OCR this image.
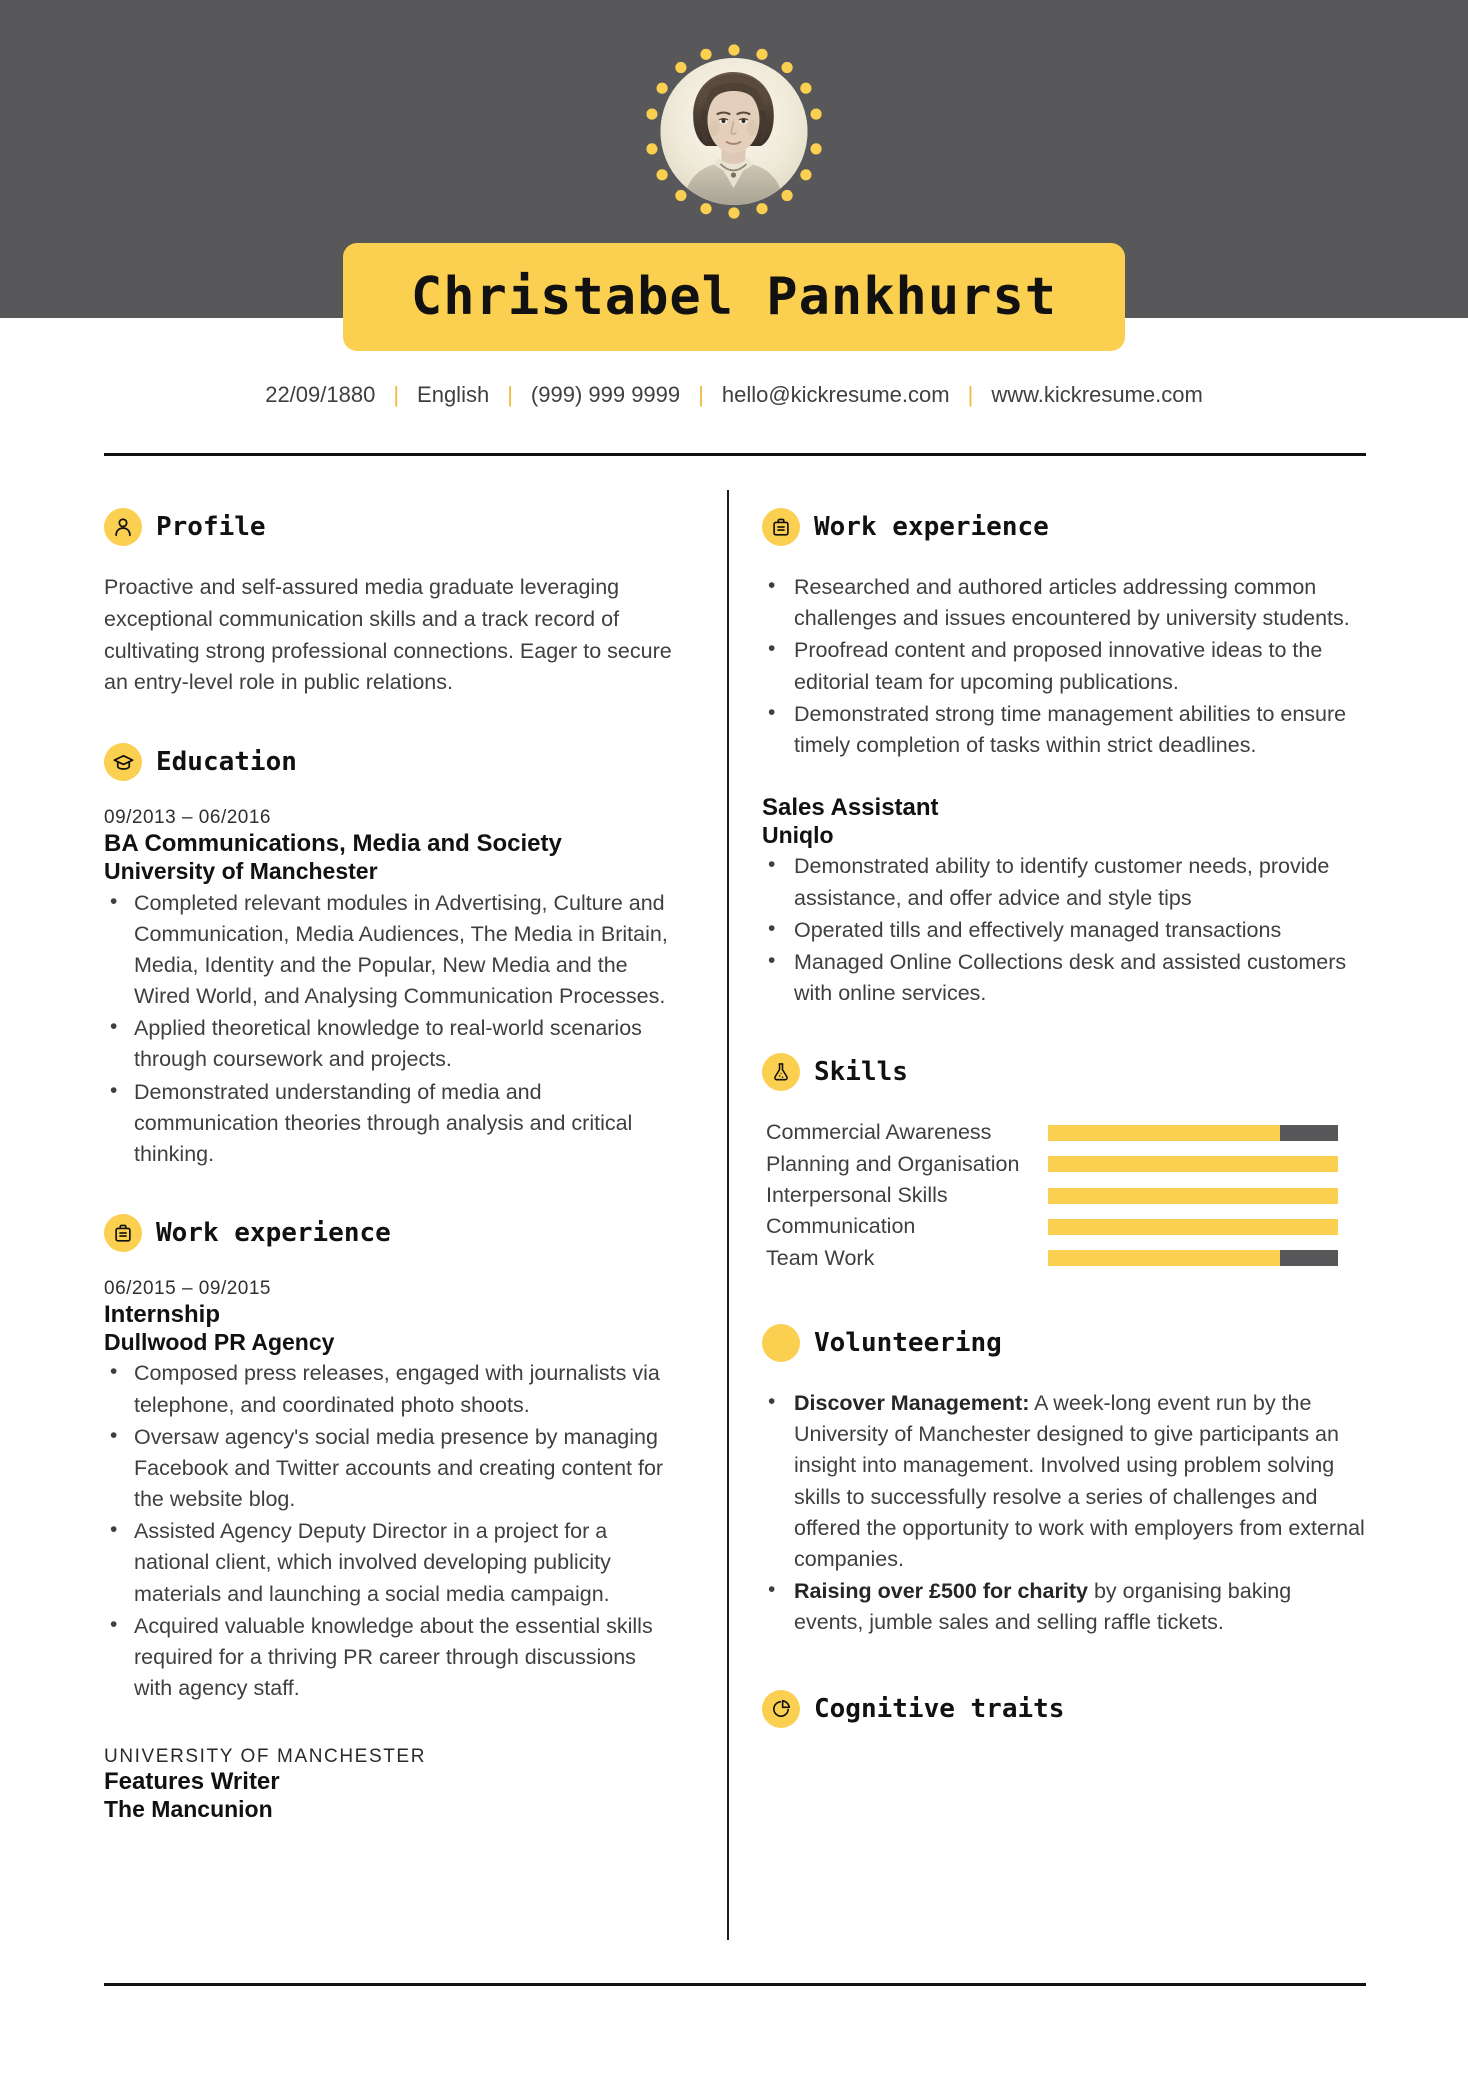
Christabel Pankhurst
22/09/1880 | English | (999) 999 9999 | hello@kickresume.com | www.kickresume.com
Profile
Proactive and self-assured media graduate leveraging exceptional communication skills and a track record of cultivating strong professional connections. Eager to secure an entry-level role in public relations.
Education
09/2013 – 06/2016
BA Communications, Media and Society
University of Manchester
• Completed relevant modules in Advertising, Culture and Communication, Media Audiences, The Media in Britain, Media, Identity and the Popular, New Media and the Wired World, and Analysing Communication Processes.
• Applied theoretical knowledge to real-world scenarios through coursework and projects.
• Demonstrated understanding of media and communication theories through analysis and critical thinking.
Work experience
06/2015 – 09/2015
Internship
Dullwood PR Agency
• Composed press releases, engaged with journalists via telephone, and coordinated photo shoots.
• Oversaw agency's social media presence by managing Facebook and Twitter accounts and creating content for the website blog.
• Assisted Agency Deputy Director in a project for a national client, which involved developing publicity materials and launching a social media campaign.
• Acquired valuable knowledge about the essential skills required for a thriving PR career through discussions with agency staff.
UNIVERSITY OF MANCHESTER
Features Writer
The Mancunion
Work experience
• Researched and authored articles addressing common challenges and issues encountered by university students.
• Proofread content and proposed innovative ideas to the editorial team for upcoming publications.
• Demonstrated strong time management abilities to ensure timely completion of tasks within strict deadlines.
Sales Assistant
Uniqlo
• Demonstrated ability to identify customer needs, provide assistance, and offer advice and style tips
• Operated tills and effectively managed transactions
• Managed Online Collections desk and assisted customers with online services.
Skills
Commercial Awareness
Planning and Organisation
Interpersonal Skills
Communication
Team Work
Volunteering
• Discover Management: A week-long event run by the University of Manchester designed to give participants an insight into management. Involved using problem solving skills to successfully resolve a series of challenges and offered the opportunity to work with employers from external companies.
• Raising over £500 for charity by organising baking events, jumble sales and selling raffle tickets.
Cognitive traits
